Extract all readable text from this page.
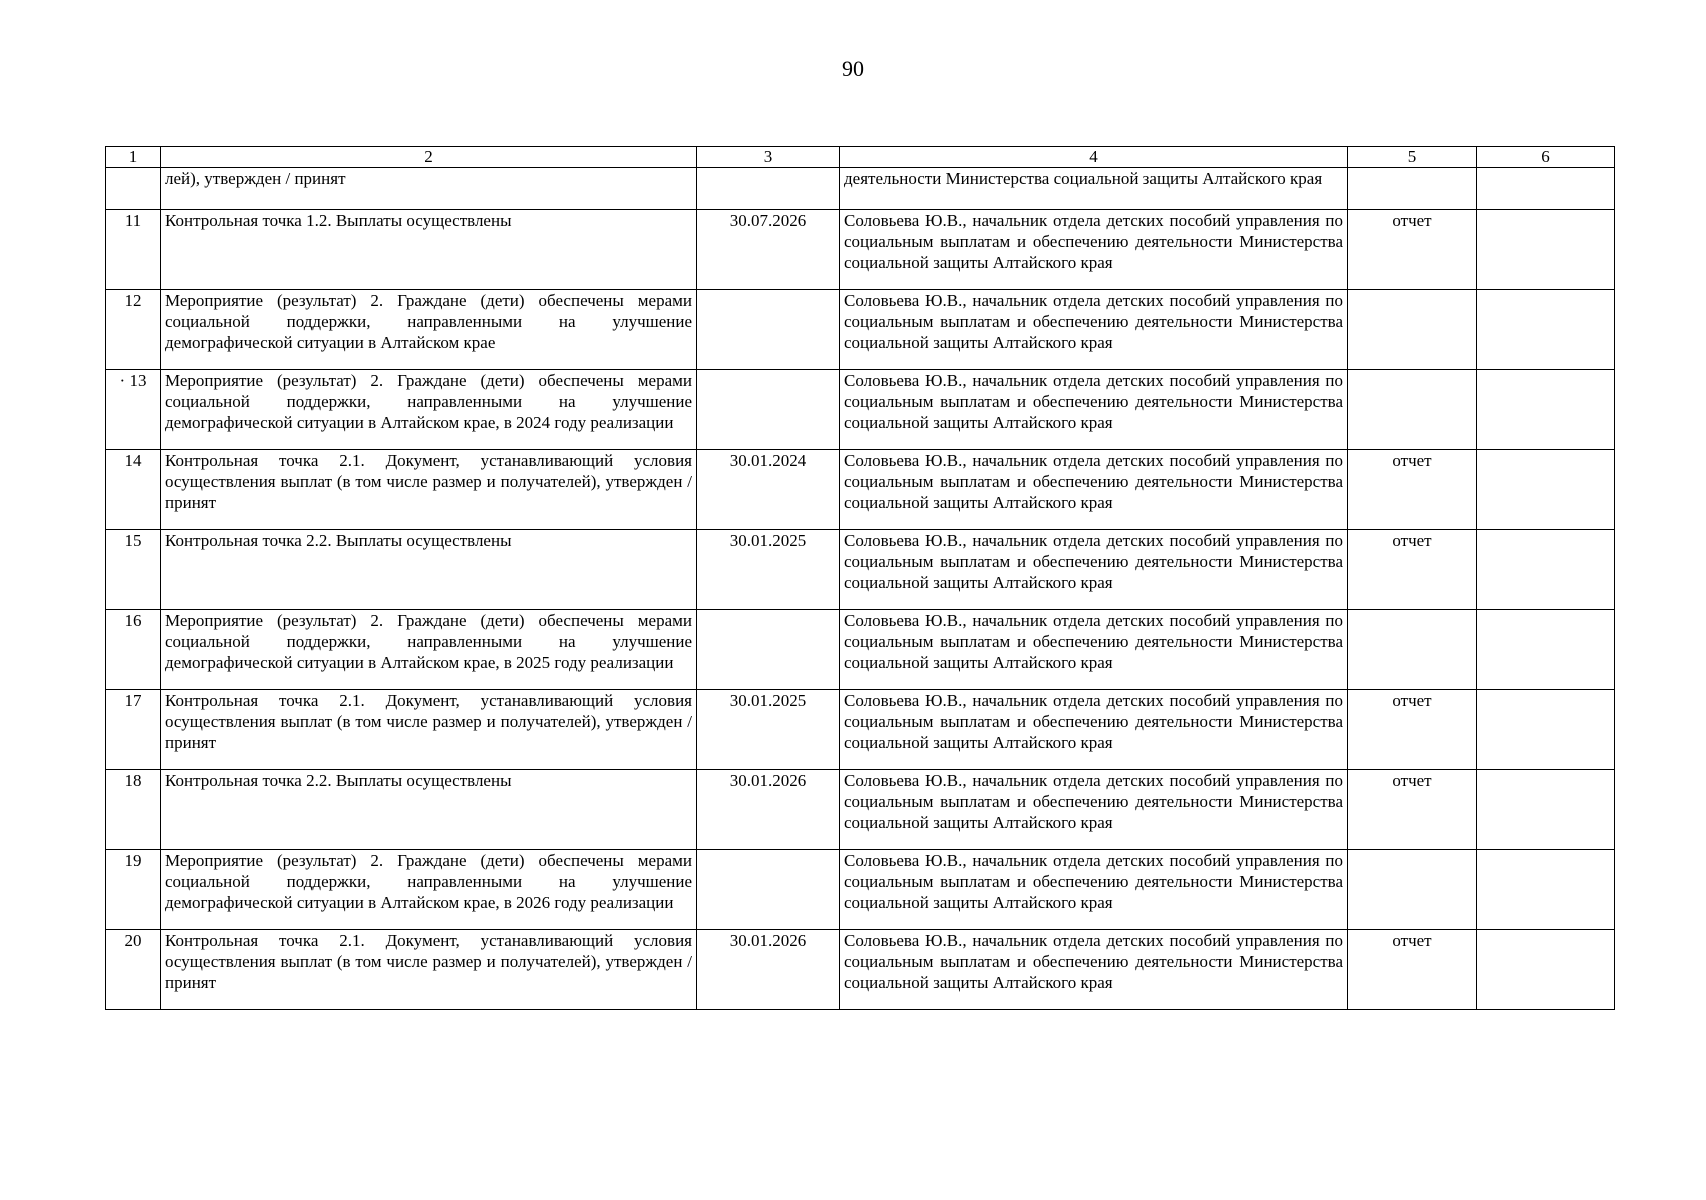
90
1	2	3	4	5	6
	лей), утвержден / принят		деятельности Министерства социальной защиты Алтайского края		
11	Контрольная точка 1.2. Выплаты осуществлены	30.07.2026	Соловьева Ю.В., начальник отдела детских пособий управления по социальным выплатам и обеспечению деятельности Министерства социальной защиты Алтайского края	отчет	
12	Мероприятие (результат) 2. Граждане (дети) обеспечены мерами социальной поддержки, направленными на улучшение демографической ситуации в Алтайском крае		Соловьева Ю.В., начальник отдела детских пособий управления по социальным выплатам и обеспечению деятельности Министерства социальной защиты Алтайского края		
· 13	Мероприятие (результат) 2. Граждане (дети) обеспечены мерами социальной поддержки, направленными на улучшение демографической ситуации в Алтайском крае, в 2024 году реализации		Соловьева Ю.В., начальник отдела детских пособий управления по социальным выплатам и обеспечению деятельности Министерства социальной защиты Алтайского края		
14	Контрольная точка 2.1. Документ, устанавливающий условия осуществления выплат (в том числе размер и получателей), утвержден / принят	30.01.2024	Соловьева Ю.В., начальник отдела детских пособий управления по социальным выплатам и обеспечению деятельности Министерства социальной защиты Алтайского края	отчет	
15	Контрольная точка 2.2. Выплаты осуществлены	30.01.2025	Соловьева Ю.В., начальник отдела детских пособий управления по социальным выплатам и обеспечению деятельности Министерства социальной защиты Алтайского края	отчет	
16	Мероприятие (результат) 2. Граждане (дети) обеспечены мерами социальной поддержки, направленными на улучшение демографической ситуации в Алтайском крае, в 2025 году реализации		Соловьева Ю.В., начальник отдела детских пособий управления по социальным выплатам и обеспечению деятельности Министерства социальной защиты Алтайского края		
17	Контрольная точка 2.1. Документ, устанавливающий условия осуществления выплат (в том числе размер и получателей), утвержден / принят	30.01.2025	Соловьева Ю.В., начальник отдела детских пособий управления по социальным выплатам и обеспечению деятельности Министерства социальной защиты Алтайского края	отчет	
18	Контрольная точка 2.2. Выплаты осуществлены	30.01.2026	Соловьева Ю.В., начальник отдела детских пособий управления по социальным выплатам и обеспечению деятельности Министерства социальной защиты Алтайского края	отчет	
19	Мероприятие (результат) 2. Граждане (дети) обеспечены мерами социальной поддержки, направленными на улучшение демографической ситуации в Алтайском крае, в 2026 году реализации		Соловьева Ю.В., начальник отдела детских пособий управления по социальным выплатам и обеспечению деятельности Министерства социальной защиты Алтайского края		
20	Контрольная точка 2.1. Документ, устанавливающий условия осуществления выплат (в том числе размер и получателей), утвержден / принят	30.01.2026	Соловьева Ю.В., начальник отдела детских пособий управления по социальным выплатам и обеспечению деятельности Министерства социальной защиты Алтайского края	отчет	
